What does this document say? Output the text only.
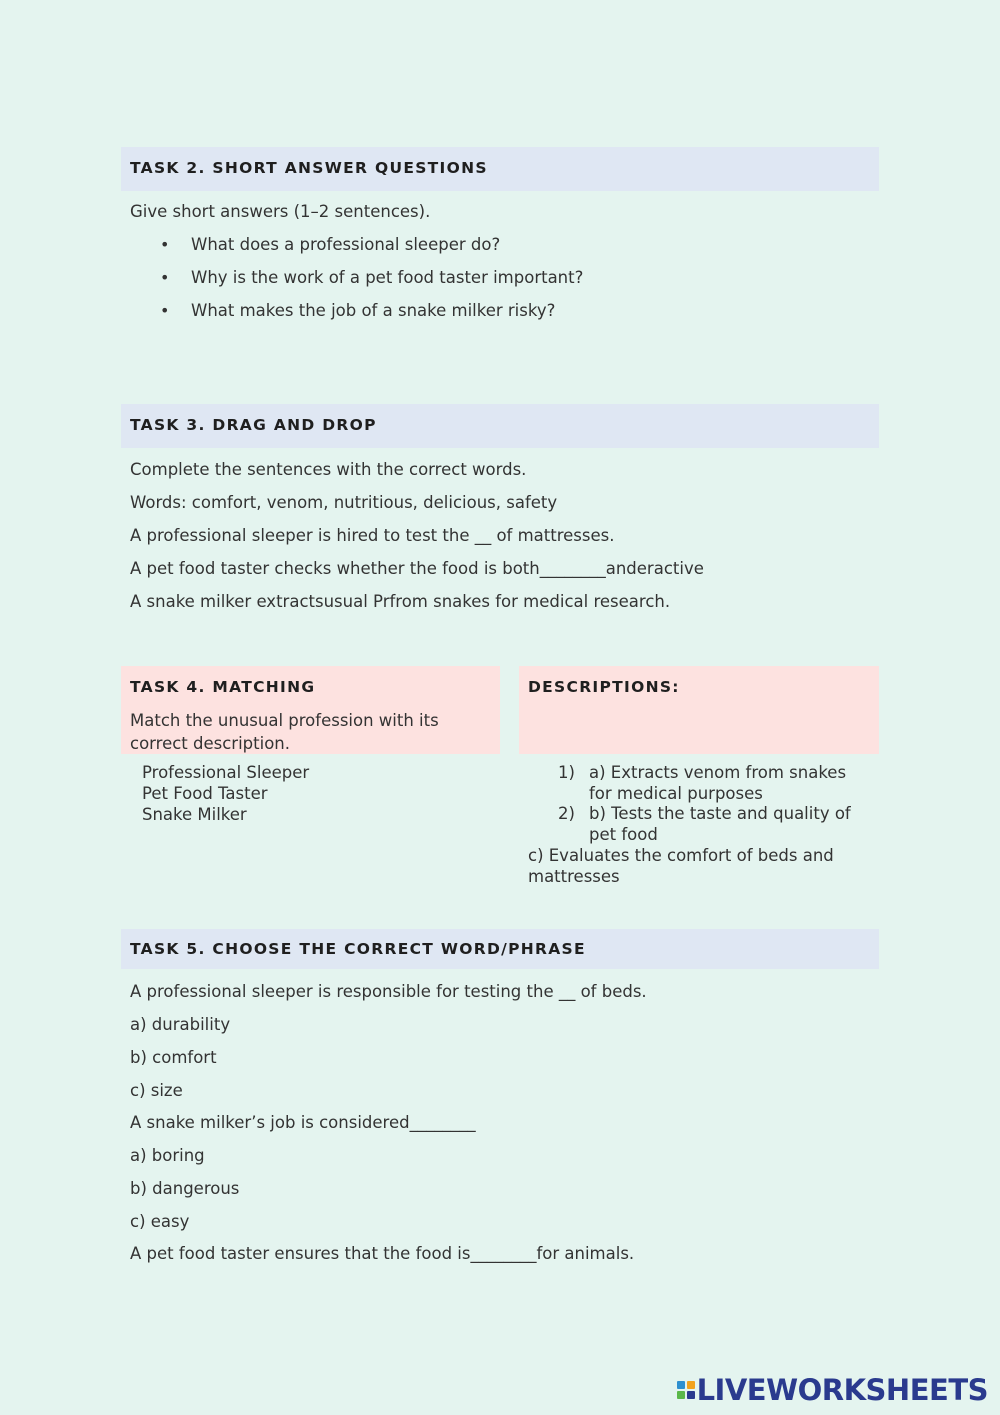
TASK 2. SHORT ANSWER QUESTIONS
Give short answers (1–2 sentences).
• What does a professional sleeper do?
• Why is the work of a pet food taster important?
• What makes the job of a snake milker risky?
TASK 3. DRAG AND DROP
Complete the sentences with the correct words.
Words: comfort, venom, nutritious, delicious, safety
A professional sleeper is hired to test the __ of mattresses.
A pet food taster checks whether the food is both________anderactive
A snake milker extractsusual Prfrom snakes for medical research.
TASK 4. MATCHING
Match the unusual profession with its correct description.
DESCRIPTIONS:
Professional Sleeper
Pet Food Taster
Snake Milker
1) a) Extracts venom from snakes for medical purposes
2) b) Tests the taste and quality of pet food
c) Evaluates the comfort of beds and mattresses
TASK 5. CHOOSE THE CORRECT WORD/PHRASE
A professional sleeper is responsible for testing the __ of beds.
a) durability
b) comfort
c) size
A snake milker’s job is considered________
a) boring
b) dangerous
c) easy
A pet food taster ensures that the food is________for animals.
LIVEWORKSHEETS
